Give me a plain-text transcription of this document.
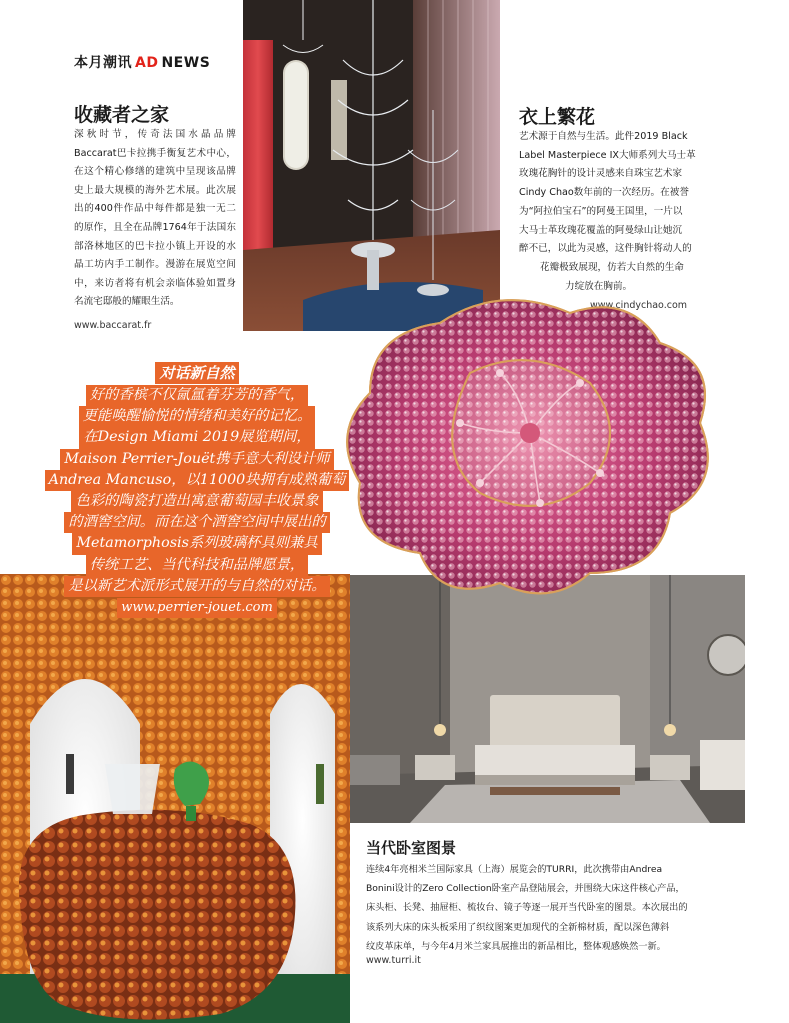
本月潮讯 AD NEWS
收藏者之家
深秋时节，传奇法国水晶品牌Baccarat巴卡拉携手衡复艺术中心，在这个精心修缮的建筑中呈现该品牌史上最大规模的海外艺术展。此次展出的400件作品中每件都是独一无二的原作，且全在品牌1764年于法国东部洛林地区的巴卡拉小镇上开设的水晶工坊内手工制作。漫游在展览空间中，来访者将有机会亲临体验如置身名流宅邸般的耀眼生活。
www.baccarat.fr
衣上繁花
艺术源于自然与生活。此件2019 Black
Label Masterpiece IX大师系列大马士革
玫瑰花胸针的设计灵感来自珠宝艺术家
Cindy Chao数年前的一次经历。在被誉
为“阿拉伯宝石”的阿曼王国里，一片以
大马士革玫瑰花覆盖的阿曼绿山让她沉
醉不已，以此为灵感，这件胸针将动人的
花瓣极致展现，仿若大自然的生命
力绽放在胸前。
www.cindychao.com
对话新自然
好的香槟不仅氤氲着芬芳的香气，
更能唤醒愉悦的情绪和美好的记忆。
在Design Miami 2019展览期间，
Maison Perrier-Jouët携手意大利设计师
Andrea Mancuso，以11000块拥有成熟葡萄
色彩的陶瓷打造出寓意葡萄园丰收景象
的酒窖空间。而在这个酒窖空间中展出的
Metamorphosis系列玻璃杯具则兼具
传统工艺、当代科技和品牌愿景，
是以新艺术派形式展开的与自然的对话。
www.perrier-jouet.com
当代卧室图景
连续4年亮相米兰国际家具（上海）展览会的TURRI，此次携带由Andrea
Bonini设计的Zero Collection卧室产品登陆展会，并围绕大床这件核心产品，
床头柜、长凳、抽屉柜、梳妆台、镜子等逐一展开当代卧室的图景。本次展出的
该系列大床的床头板采用了织纹图案更加现代的全新棉材质，配以深色薄斜
纹皮革床单，与今年4月米兰家具展推出的新品相比，整体观感焕然一新。
www.turri.it
